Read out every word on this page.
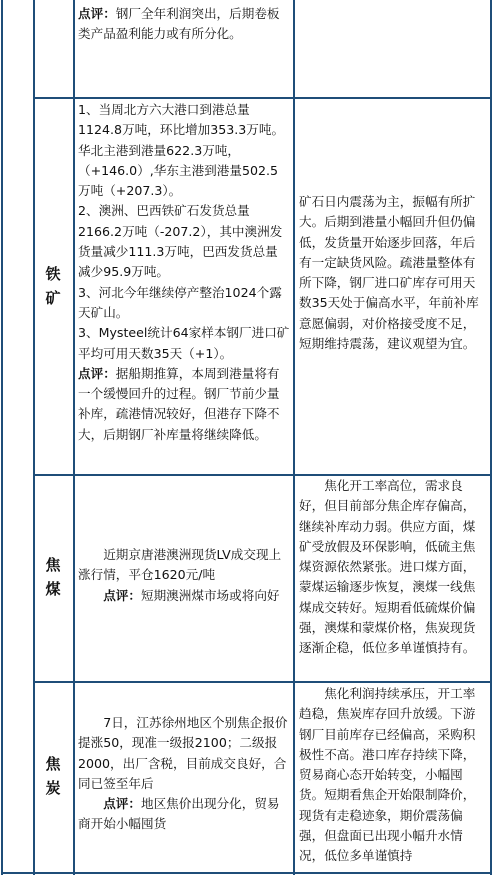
点评：钢厂全年利润突出，后期卷板类产品盈利能力或有所分化。

铁矿

1、当周北方六大港口到港总量1124.8万吨，环比增加353.3万吨。华北主港到港量622.3万吨，（+146.0）,华东主港到港量502.5万吨（+207.3）。

2、澳洲、巴西铁矿石发货总量2166.2万吨（-207.2），其中澳洲发货量减少111.3万吨，巴西发货总量减少95.9万吨。

3、河北今年继续停产整治1024个露天矿山。

3、Mysteel统计64家样本钢厂进口矿平均可用天数35天（+1）。

点评：据船期推算，本周到港量将有一个缓慢回升的过程。钢厂节前少量补库，疏港情况较好，但港存下降不大，后期钢厂补库量将继续降低。

矿石日内震荡为主，振幅有所扩大。后期到港量小幅回升但仍偏低，发货量开始逐步回落，年后有一定缺货风险。疏港量整体有所下降，钢厂进口矿库存可用天数35天处于偏高水平，年前补库意愿偏弱，对价格接受度不足，短期维持震荡，建议观望为宜。

焦煤

近期京唐港澳洲现货LV成交现上涨行情，平仓1620元/吨

点评：短期澳洲煤市场或将向好

焦化开工率高位，需求良好，但目前部分焦企库存偏高，继续补库动力弱。供应方面，煤矿受放假及环保影响，低硫主焦煤资源依然紧张。进口煤方面，蒙煤运输逐步恢复，澳煤一线焦煤成交转好。短期看低硫煤价偏强，澳煤和蒙煤价格，焦炭现货逐渐企稳，低位多单谨慎持有。

焦炭

7日，江苏徐州地区个别焦企报价提涨50，现准一级报2100；二级报2000，出厂含税，目前成交良好，合同已签至年后

点评：地区焦价出现分化，贸易商开始小幅囤货

焦化利润持续承压，开工率趋稳，焦炭库存回升放缓。下游钢厂目前库存已经偏高，采购积极性不高。港口库存持续下降，贸易商心态开始转变，小幅囤货。短期看焦企开始限制降价，现货有走稳迹象，期价震荡偏强，但盘面已出现小幅升水情况，低位多单谨慎持
